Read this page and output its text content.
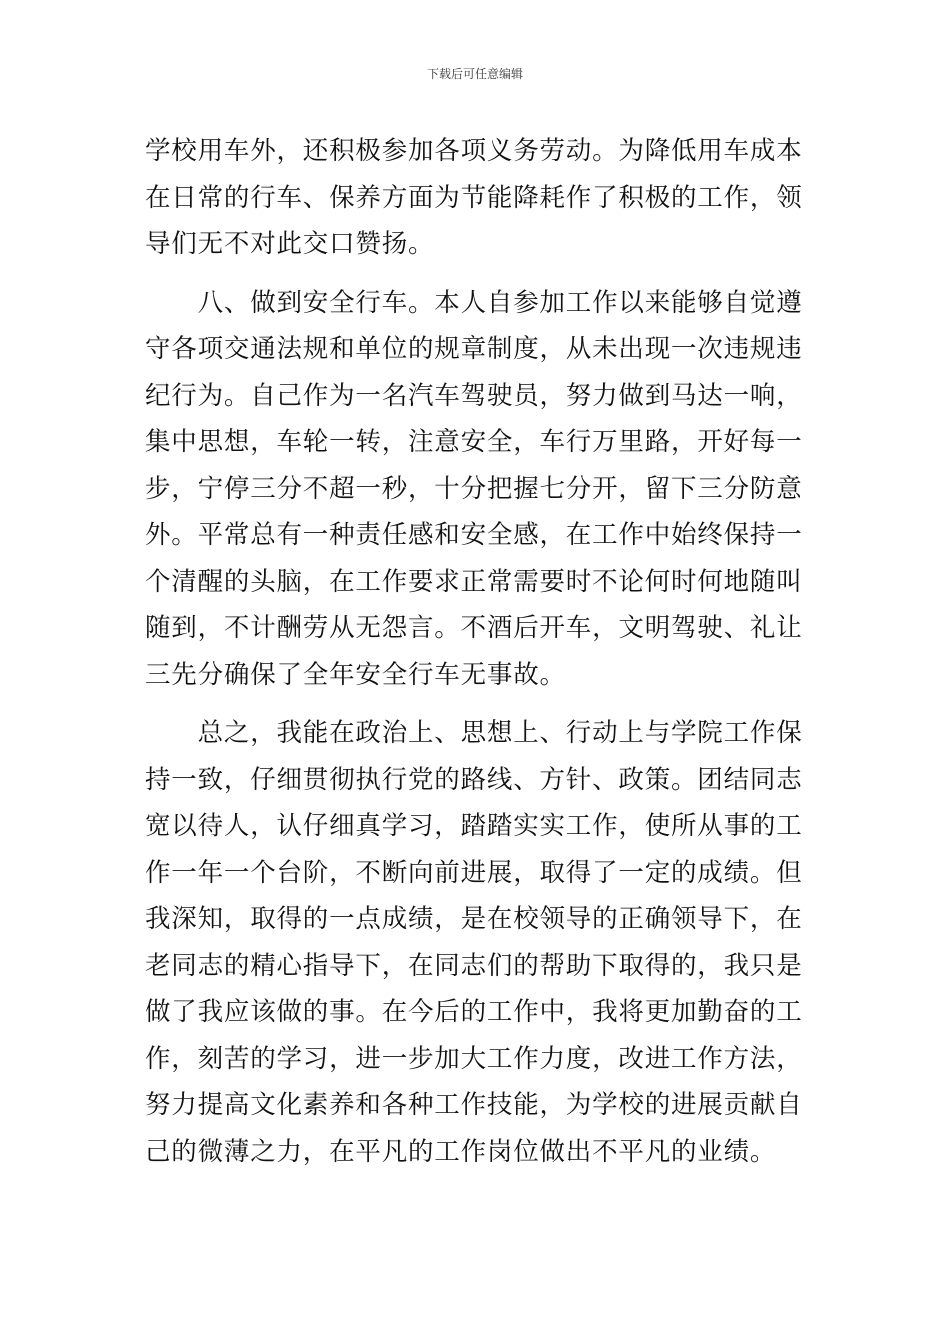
下载后可任意编辑
学校用车外，还积极参加各项义务劳动。为降低用车成本
在日常的行车、保养方面为节能降耗作了积极的工作，领
导们无不对此交口赞扬。
　　八、做到安全行车。本人自参加工作以来能够自觉遵
守各项交通法规和单位的规章制度，从未出现一次违规违
纪行为。自己作为一名汽车驾驶员，努力做到马达一响，
集中思想，车轮一转，注意安全，车行万里路，开好每一
步，宁停三分不超一秒，十分把握七分开，留下三分防意
外。平常总有一种责任感和安全感，在工作中始终保持一
个清醒的头脑，在工作要求正常需要时不论何时何地随叫
随到，不计酬劳从无怨言。不酒后开车，文明驾驶、礼让
三先分确保了全年安全行车无事故。
　　总之，我能在政治上、思想上、行动上与学院工作保
持一致，仔细贯彻执行党的路线、方针、政策。团结同志
宽以待人，认仔细真学习，踏踏实实工作，使所从事的工
作一年一个台阶，不断向前进展，取得了一定的成绩。但
我深知，取得的一点成绩，是在校领导的正确领导下，在
老同志的精心指导下，在同志们的帮助下取得的，我只是
做了我应该做的事。在今后的工作中，我将更加勤奋的工
作，刻苦的学习，进一步加大工作力度，改进工作方法，
努力提高文化素养和各种工作技能，为学校的进展贡献自
己的微薄之力，在平凡的工作岗位做出不平凡的业绩。
